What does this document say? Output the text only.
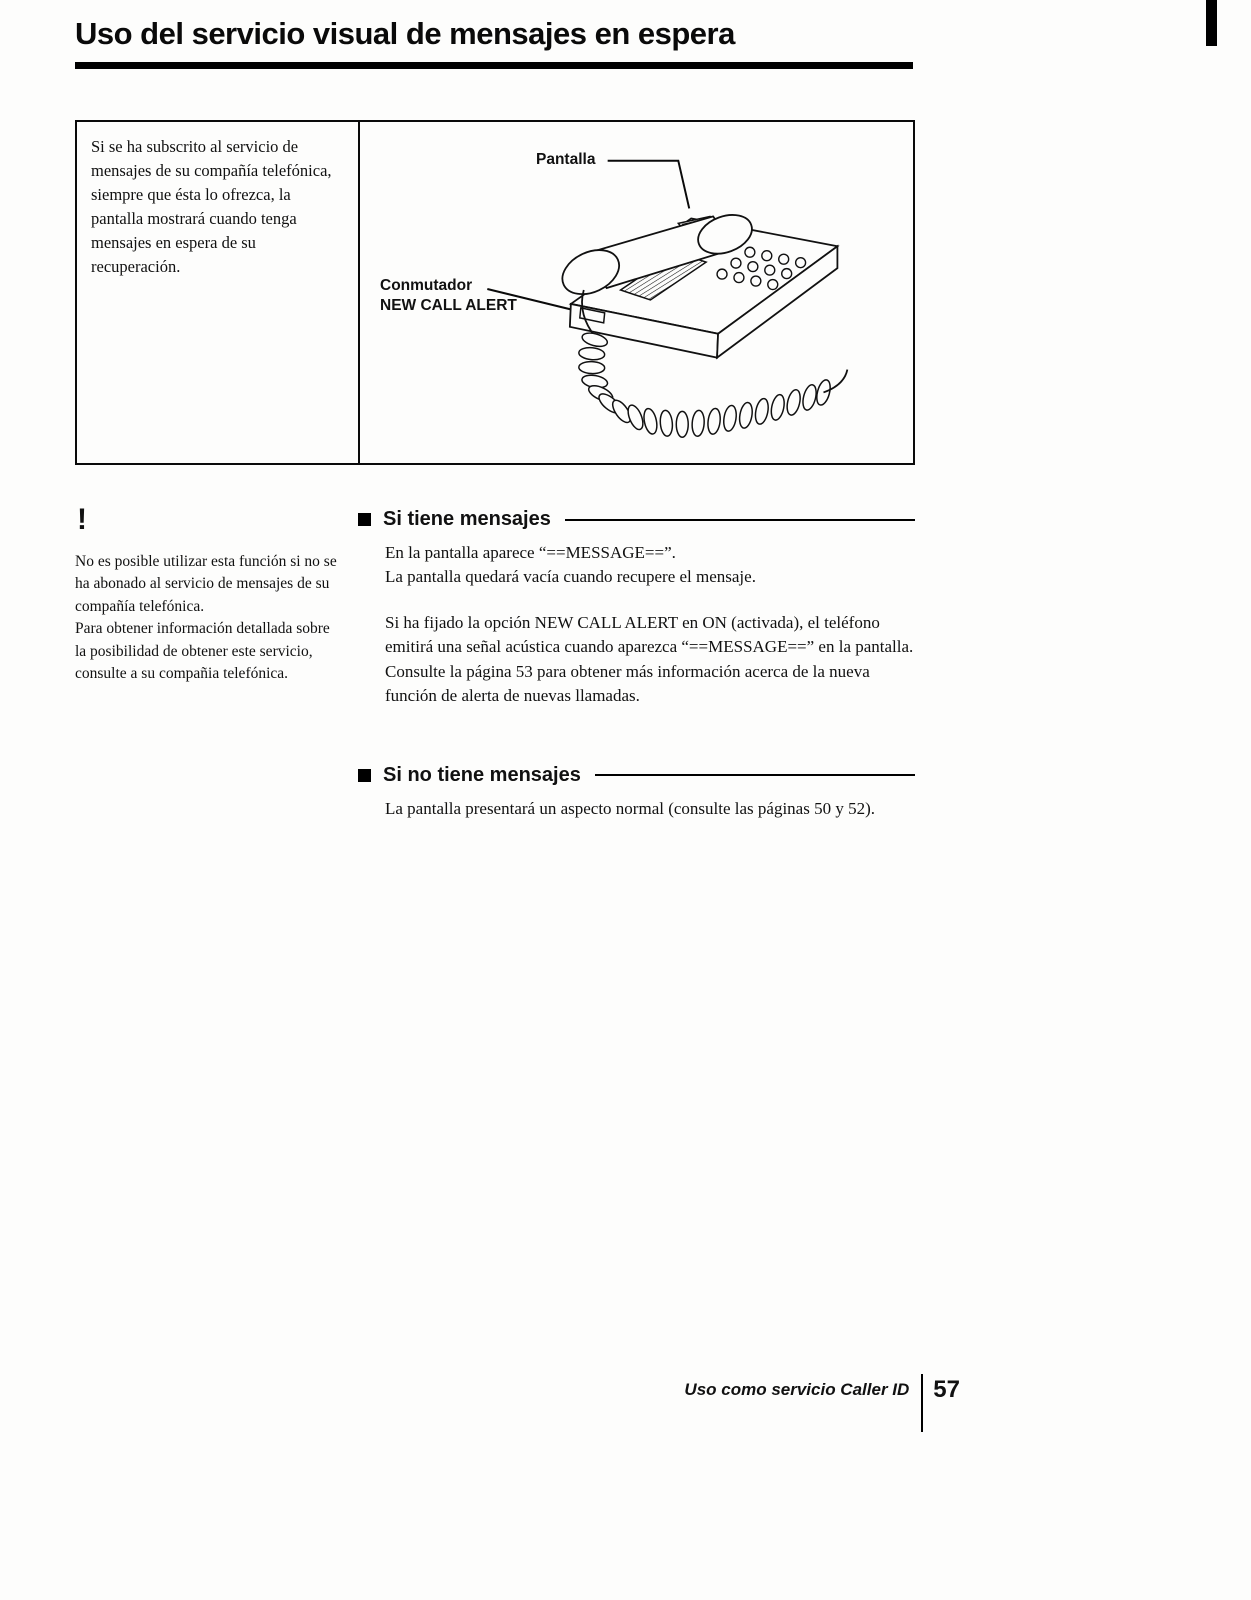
Uso del servicio visual de mensajes en espera

Si se ha subscrito al servicio de mensajes de su compañía telefónica, siempre que ésta lo ofrezca, la pantalla mostrará cuando tenga mensajes en espera de su recuperación.

Pantalla
Conmutador
NEW CALL ALERT
!

No es posible utilizar esta función si no se ha abonado al servicio de mensajes de su compañía telefónica.

Para obtener información detallada sobre la posibilidad de obtener este servicio, consulte a su compañia telefónica.

Si tiene mensajes

En la pantalla aparece “==MESSAGE==”.

La pantalla quedará vacía cuando recupere el mensaje.

Si ha fijado la opción NEW CALL ALERT en ON (activada), el teléfono emitirá una señal acústica cuando aparezca “==MESSAGE==” en la pantalla. Consulte la página 53 para obtener más información acerca de la nueva función de alerta de nuevas llamadas.

Si no tiene mensajes

La pantalla presentará un aspecto normal (consulte las páginas 50 y 52).

Uso como servicio Caller ID 57
